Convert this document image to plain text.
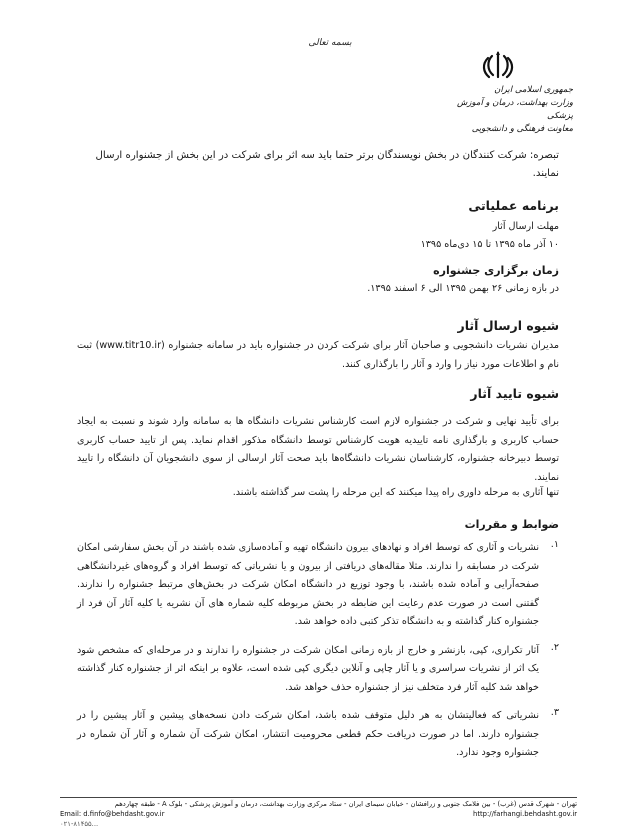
بسمه تعالی
جمهوری اسلامی ایران
وزارت بهداشت، درمان و آموزش پزشکی
معاونت فرهنگی و دانشجویی
تبصره: شرکت کنندگان در بخش نویسندگان برتر حتما باید سه اثر برای شرکت در این بخش از جشنواره ارسال نمایند.
برنامه عملیاتی
مهلت ارسال آثار
۱۰ آذر ماه ۱۳۹۵ تا ۱۵ دی‌ماه ۱۳۹۵
زمان برگزاری جشنواره
در بازه زمانی ۲۶ بهمن ۱۳۹۵ الی ۶ اسفند ۱۳۹۵.
شیوه ارسال آثار
مدیران نشریات دانشجویی و صاحبان آثار برای شرکت کردن در جشنواره باید در سامانه جشنواره (www.titr10.ir) ثبت نام و اطلاعات مورد نیاز را وارد و آثار را بارگذاری کنند.
شیوه تایید آثار
برای تأیید نهایی و شرکت در جشنواره لازم است کارشناس نشریات دانشگاه ها به سامانه وارد شوند و نسبت به ایجاد حساب کاربری و بارگذاری نامه تاییدیه هویت کارشناس توسط دانشگاه مذکور اقدام نماید. پس از تایید حساب کاربری توسط دبیرخانه جشنواره، کارشناسان نشریات دانشگاه‌ها باید صحت آثار ارسالی از سوی دانشجویان آن دانشگاه را تایید نمایند.
تنها آثاری به مرحله داوری راه پیدا میکنند که این مرحله را پشت سر گذاشته باشند.
ضوابط و مقررات
۱.
نشریات و آثاری که توسط افراد و نهادهای بیرون دانشگاه تهیه و آماده‌سازی شده باشند در آن بخش سفارشی امکان شرکت در مسابقه را ندارند. مثلا مقاله‌های دریافتی از بیرون و یا نشریاتی که توسط افراد و گروه‌های غیردانشگاهی صفحه‌آرایی و آماده شده باشند، با وجود توزیع در دانشگاه امکان شرکت در بخش‌های مرتبط جشنواره را ندارند. گفتنی است در صورت عدم رعایت این ضابطه در بخش مربوطه کلیه شماره های آن نشریه یا کلیه آثار آن فرد از جشنواره کنار گذاشته و به دانشگاه تذکر کتبی داده خواهد شد.
۲.
آثار تکراری، کپی، بازنشر و خارج از بازه زمانی امکان شرکت در جشنواره را ندارند و در مرحله‌ای که مشخص شود یک اثر از نشریات سراسری و یا آثار چاپی و آنلاین دیگری کپی شده است، علاوه بر اینکه اثر از جشنواره کنار گذاشته خواهد شد کلیه آثار فرد متخلف نیز از جشنواره حذف خواهد شد.
۳.
نشریاتی که فعالیتشان به هر دلیل متوقف شده باشد، امکان شرکت دادن نسخه‌های پیشین و آثار پیشین را در جشنواره دارند. اما در صورت دریافت حکم قطعی محرومیت انتشار، امکان شرکت آن شماره و آثار آن شماره در جشنواره وجود ندارد.
تهران - شهرک قدس (غرب) - بین فلامک جنوبی و زرافشان - خیابان سیمای ایران - ستاد مرکزی وزارت بهداشت، درمان و آموزش پزشکی - بلوک A - طبقه چهاردهم
Email: d.finfo@behdasht.gov.ir	http://farhangi.behdasht.gov.ir
۰۲۱-۸۱۴۵۵...
